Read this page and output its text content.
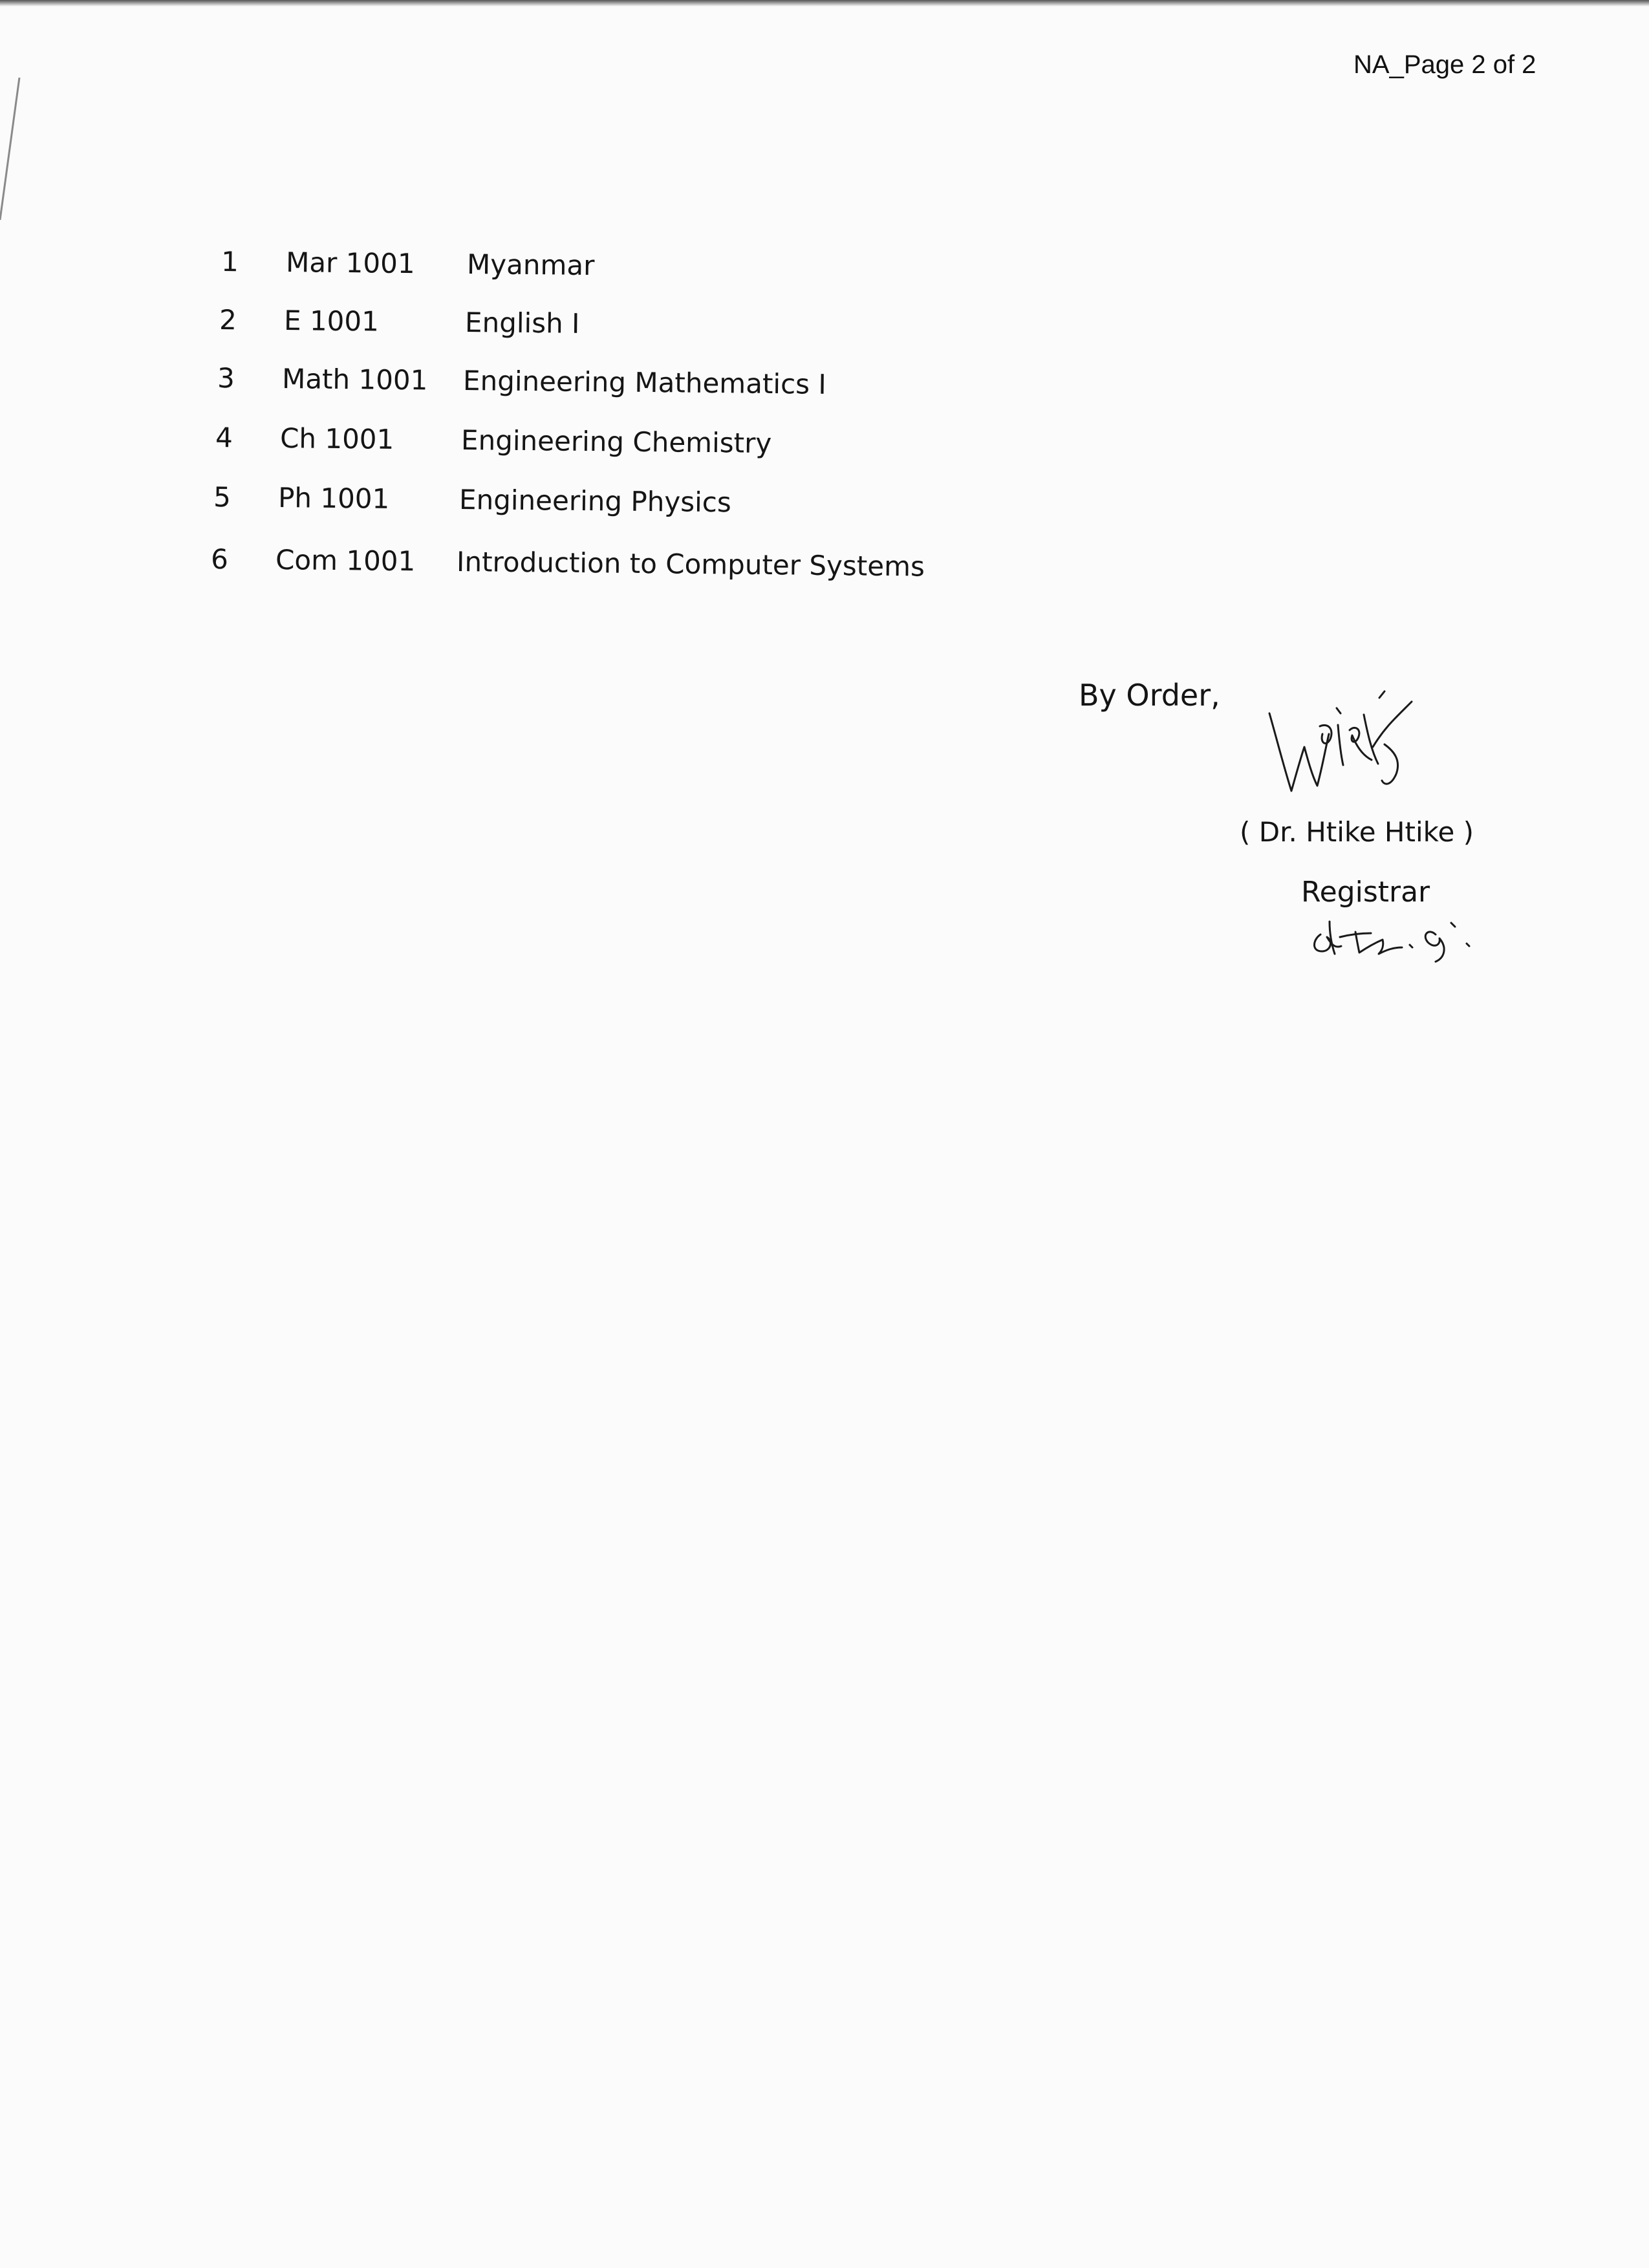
NA_Page 2 of 2
1 Mar 1001 Myanmar
2 E 1001	English I
3 Math 1001 Engineering Mathematics I
4 Ch 1001 Engineering Chemistry
5 Ph 1001	Engineering Physics
6 Com 1001 Introduction to Computer Systems
By Order,
( Dr. Htike Htike )
Registrar
